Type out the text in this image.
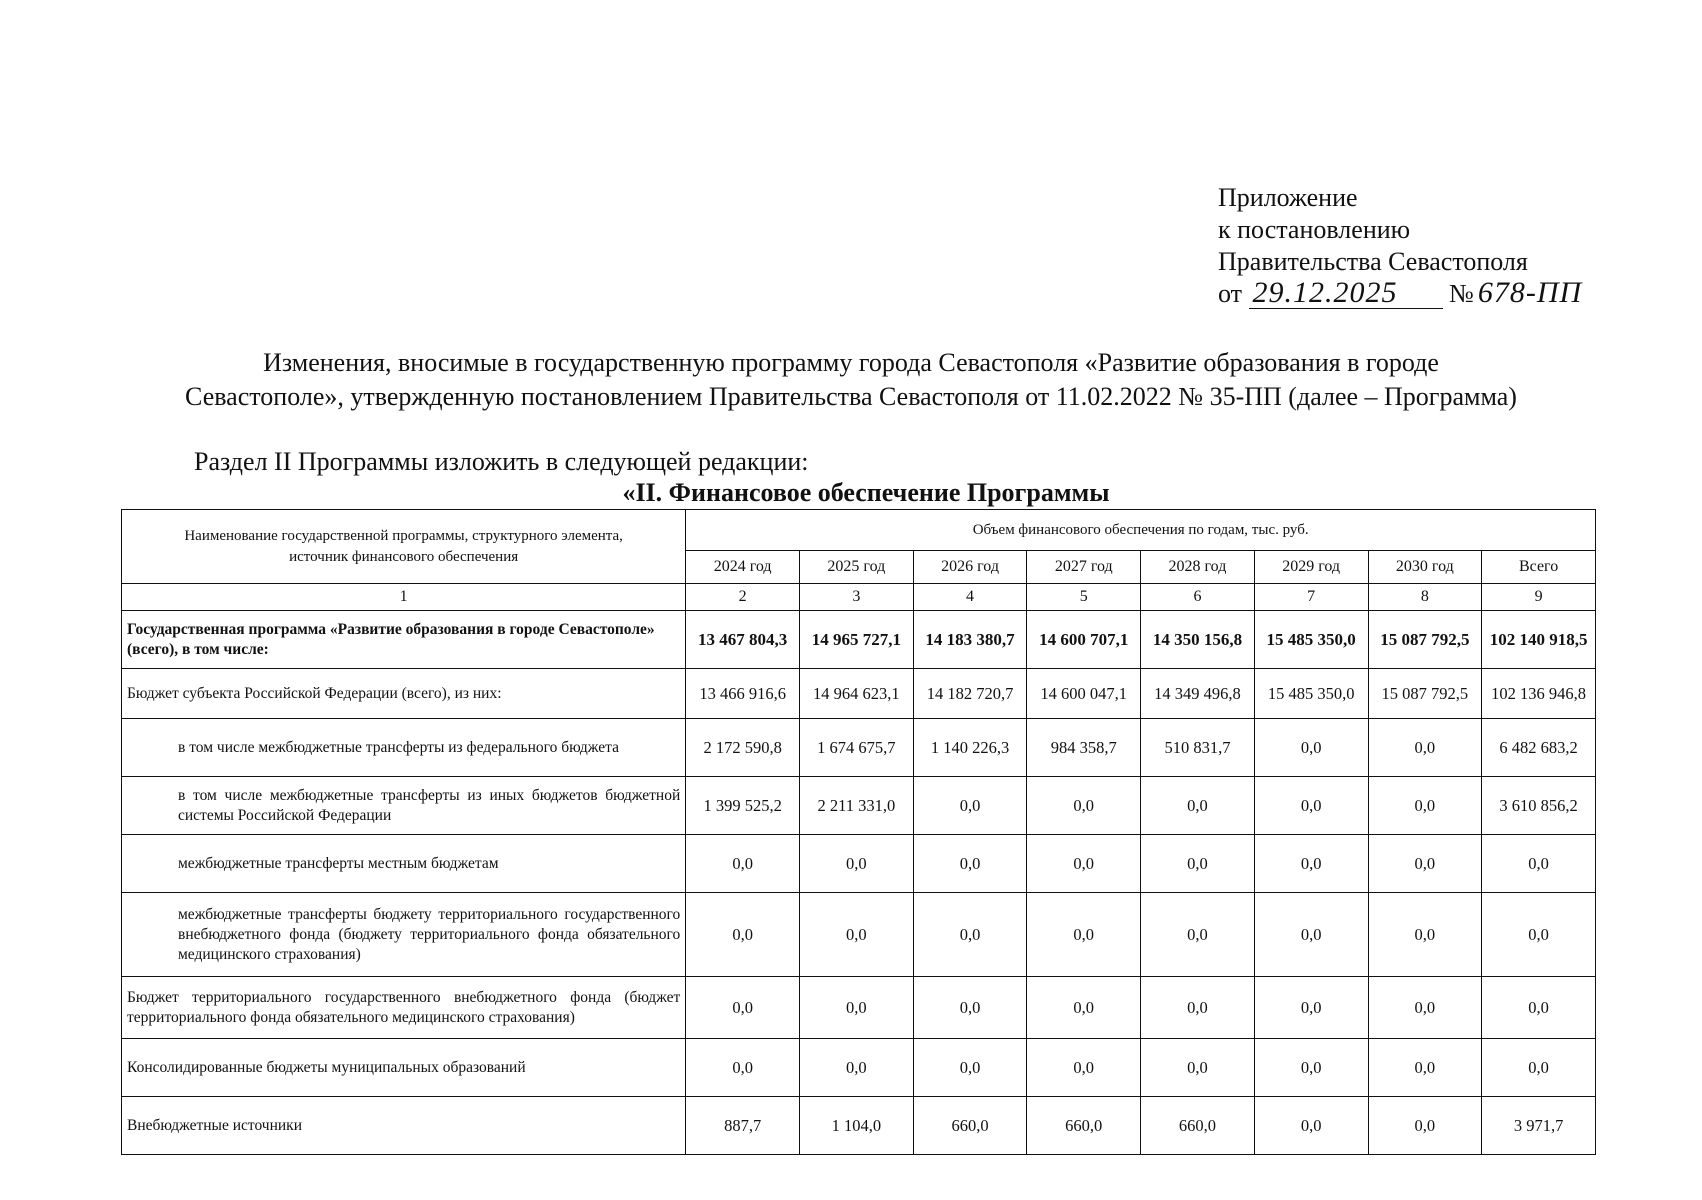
Приложение
к постановлению
Правительства Севастополя
от 29.12.2025 № 678-ПП
Изменения, вносимые в государственную программу города Севастополя «Развитие образования в городе
Севастополе», утвержденную постановлением Правительства Севастополя от 11.02.2022 № 35-ПП (далее – Программа)
Раздел II Программы изложить в следующей редакции:
«II. Финансовое обеспечение Программы
Наименование государственной программы, структурного элемента, источник финансового обеспечения	Объем финансового обеспечения по годам, тыс. руб.							
	2024 год	2025 год	2026 год	2027 год	2028 год	2029 год	2030 год	Всего
1	2	3	4	5	6	7	8	9
Государственная программа «Развитие образования в городе Севастополе» (всего), в том числе:	13 467 804,3	14 965 727,1	14 183 380,7	14 600 707,1	14 350 156,8	15 485 350,0	15 087 792,5	102 140 918,5
Бюджет субъекта Российской Федерации (всего), из них:	13 466 916,6	14 964 623,1	14 182 720,7	14 600 047,1	14 349 496,8	15 485 350,0	15 087 792,5	102 136 946,8
в том числе межбюджетные трансферты из федерального бюджета	2 172 590,8	1 674 675,7	1 140 226,3	984 358,7	510 831,7	0,0	0,0	6 482 683,2
в том числе межбюджетные трансферты из иных бюджетов бюджетной системы Российской Федерации	1 399 525,2	2 211 331,0	0,0	0,0	0,0	0,0	0,0	3 610 856,2
межбюджетные трансферты местным бюджетам	0,0	0,0	0,0	0,0	0,0	0,0	0,0	0,0
межбюджетные трансферты бюджету территориального государственного внебюджетного фонда (бюджету территориального фонда обязательного медицинского страхования)	0,0	0,0	0,0	0,0	0,0	0,0	0,0	0,0
Бюджет территориального государственного внебюджетного фонда (бюджет территориального фонда обязательного медицинского страхования)	0,0	0,0	0,0	0,0	0,0	0,0	0,0	0,0
Консолидированные бюджеты муниципальных образований	0,0	0,0	0,0	0,0	0,0	0,0	0,0	0,0
Внебюджетные источники	887,7	1 104,0	660,0	660,0	660,0	0,0	0,0	3 971,7
